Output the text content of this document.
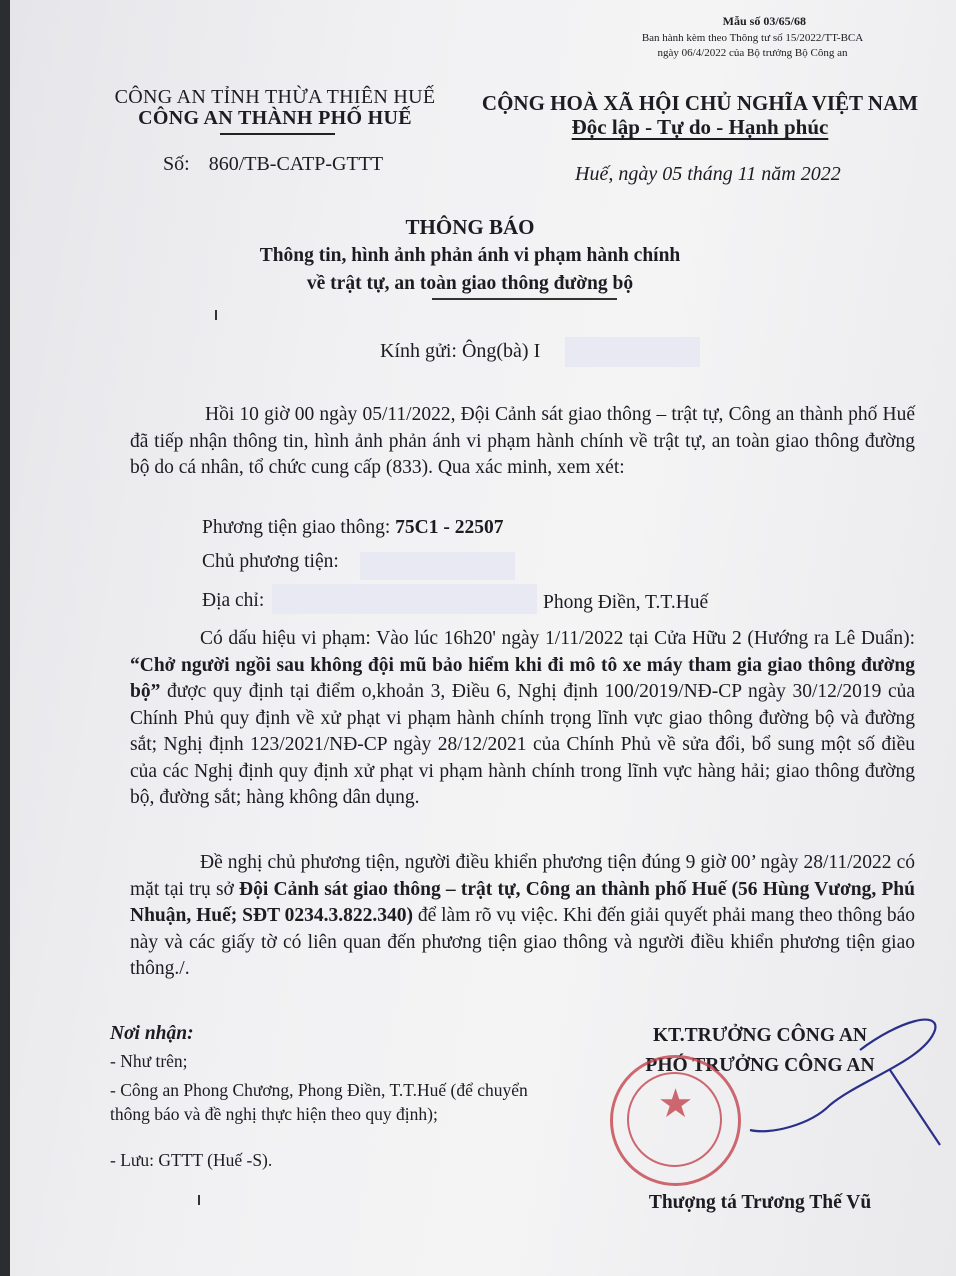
Mẫu số 03/65/68
Ban hành kèm theo Thông tư số 15/2022/TT-BCA
ngày 06/4/2022 của Bộ trưởng Bộ Công an
CÔNG AN TỈNH THỪA THIÊN HUẾ
CÔNG AN THÀNH PHỐ HUẾ
CỘNG HOÀ XÃ HỘI CHỦ NGHĨA VIỆT NAM
Độc lập - Tự do - Hạnh phúc
Số: 860/TB-CATP-GTTT	Huế, ngày 05 tháng 11 năm 2022
THÔNG BÁO
Thông tin, hình ảnh phản ánh vi phạm hành chính
về trật tự, an toàn giao thông đường bộ
Kính gửi: Ông(bà) I
Hồi 10 giờ 00 ngày 05/11/2022, Đội Cảnh sát giao thông – trật tự, Công an thành phố Huế đã tiếp nhận thông tin, hình ảnh phản ánh vi phạm hành chính về trật tự, an toàn giao thông đường bộ do cá nhân, tổ chức cung cấp (833). Qua xác minh, xem xét:
Phương tiện giao thông: 75C1 - 22507
Chủ phương tiện:
Địa chỉ:	Phong Điền, T.T.Huế
Có dấu hiệu vi phạm: Vào lúc 16h20' ngày 1/11/2022 tại Cửa Hữu 2 (Hướng ra Lê Duẩn): “Chở người ngồi sau không đội mũ bảo hiểm khi đi mô tô xe máy tham gia giao thông đường bộ” được quy định tại điểm o,khoản 3, Điều 6, Nghị định 100/2019/NĐ-CP ngày 30/12/2019 của Chính Phủ quy định về xử phạt vi phạm hành chính trọng lĩnh vực giao thông đường bộ và đường sắt; Nghị định 123/2021/NĐ-CP ngày 28/12/2021 của Chính Phủ về sửa đổi, bổ sung một số điều của các Nghị định quy định xử phạt vi phạm hành chính trong lĩnh vực hàng hải; giao thông đường bộ, đường sắt; hàng không dân dụng.
Đề nghị chủ phương tiện, người điều khiển phương tiện đúng 9 giờ 00’ ngày 28/11/2022 có mặt tại trụ sở Đội Cảnh sát giao thông – trật tự, Công an thành phố Huế (56 Hùng Vương, Phú Nhuận, Huế; SĐT 0234.3.822.340) để làm rõ vụ việc. Khi đến giải quyết phải mang theo thông báo này và các giấy tờ có liên quan đến phương tiện giao thông và người điều khiển phương tiện giao thông./.
Nơi nhận:
- Như trên;
- Công an Phong Chương, Phong Điền, T.T.Huế (để chuyển thông báo và đề nghị thực hiện theo quy định);
- Lưu: GTTT (Huế -S).
KT.TRƯỞNG CÔNG AN
PHÓ TRƯỞNG CÔNG AN
★
Thượng tá Trương Thế Vũ
